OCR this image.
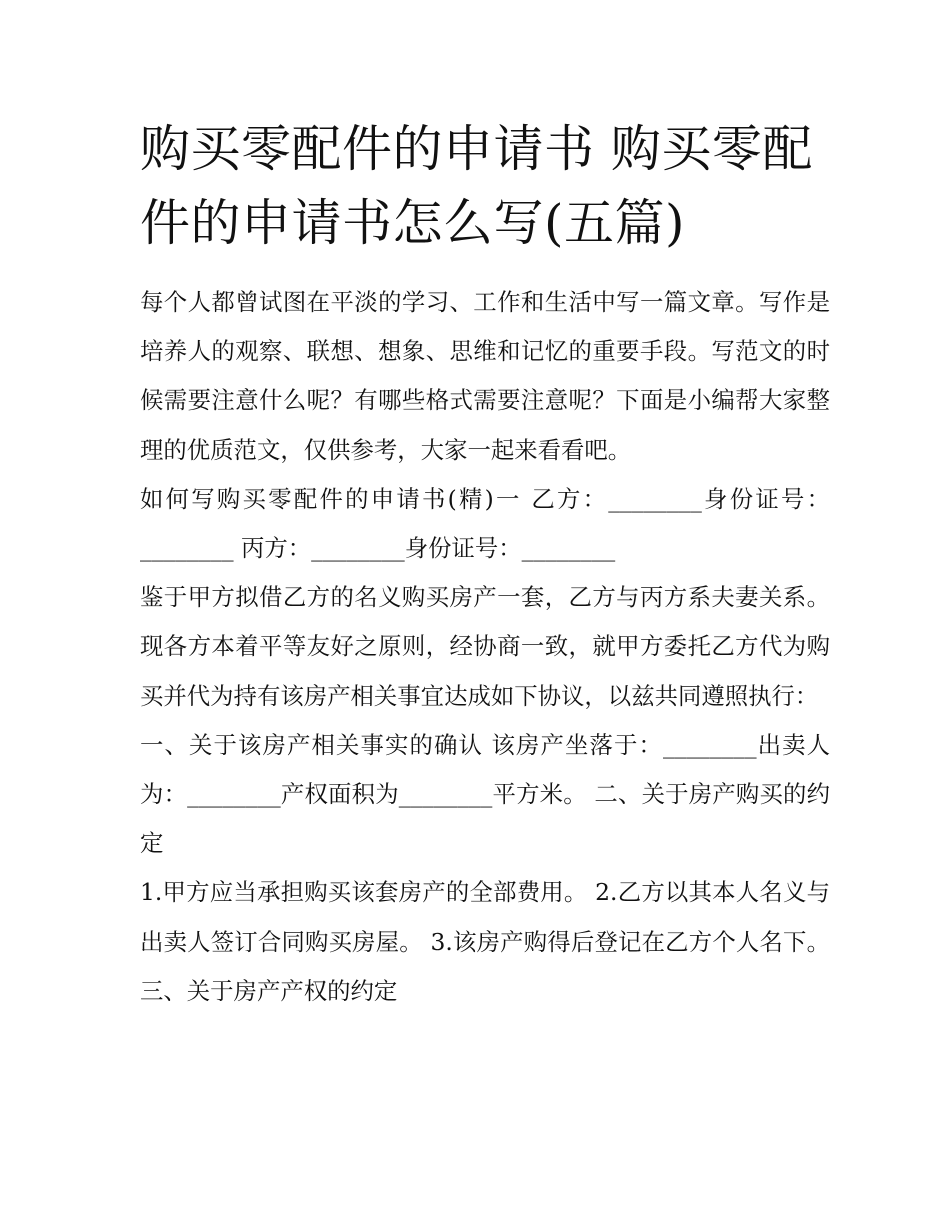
购买零配件的申请书 购买零配件的申请书怎么写(五篇)

每个人都曾试图在平淡的学习、工作和生活中写一篇文章。写作是培养人的观察、联想、想象、思维和记忆的重要手段。写范文的时候需要注意什么呢？有哪些格式需要注意呢？下面是小编帮大家整理的优质范文，仅供参考，大家一起来看看吧。

如何写购买零配件的申请书(精)一 乙方：________身份证号：________ 丙方：________身份证号：________

鉴于甲方拟借乙方的名义购买房产一套，乙方与丙方系夫妻关系。现各方本着平等友好之原则，经协商一致，就甲方委托乙方代为购买并代为持有该房产相关事宜达成如下协议，以兹共同遵照执行：

一、关于该房产相关事实的确认 该房产坐落于：________出卖人为：________产权面积为________平方米。 二、关于房产购买的约定

1.甲方应当承担购买该套房产的全部费用。 2.乙方以其本人名义与出卖人签订合同购买房屋。 3.该房产购得后登记在乙方个人名下。 三、关于房产产权的约定
